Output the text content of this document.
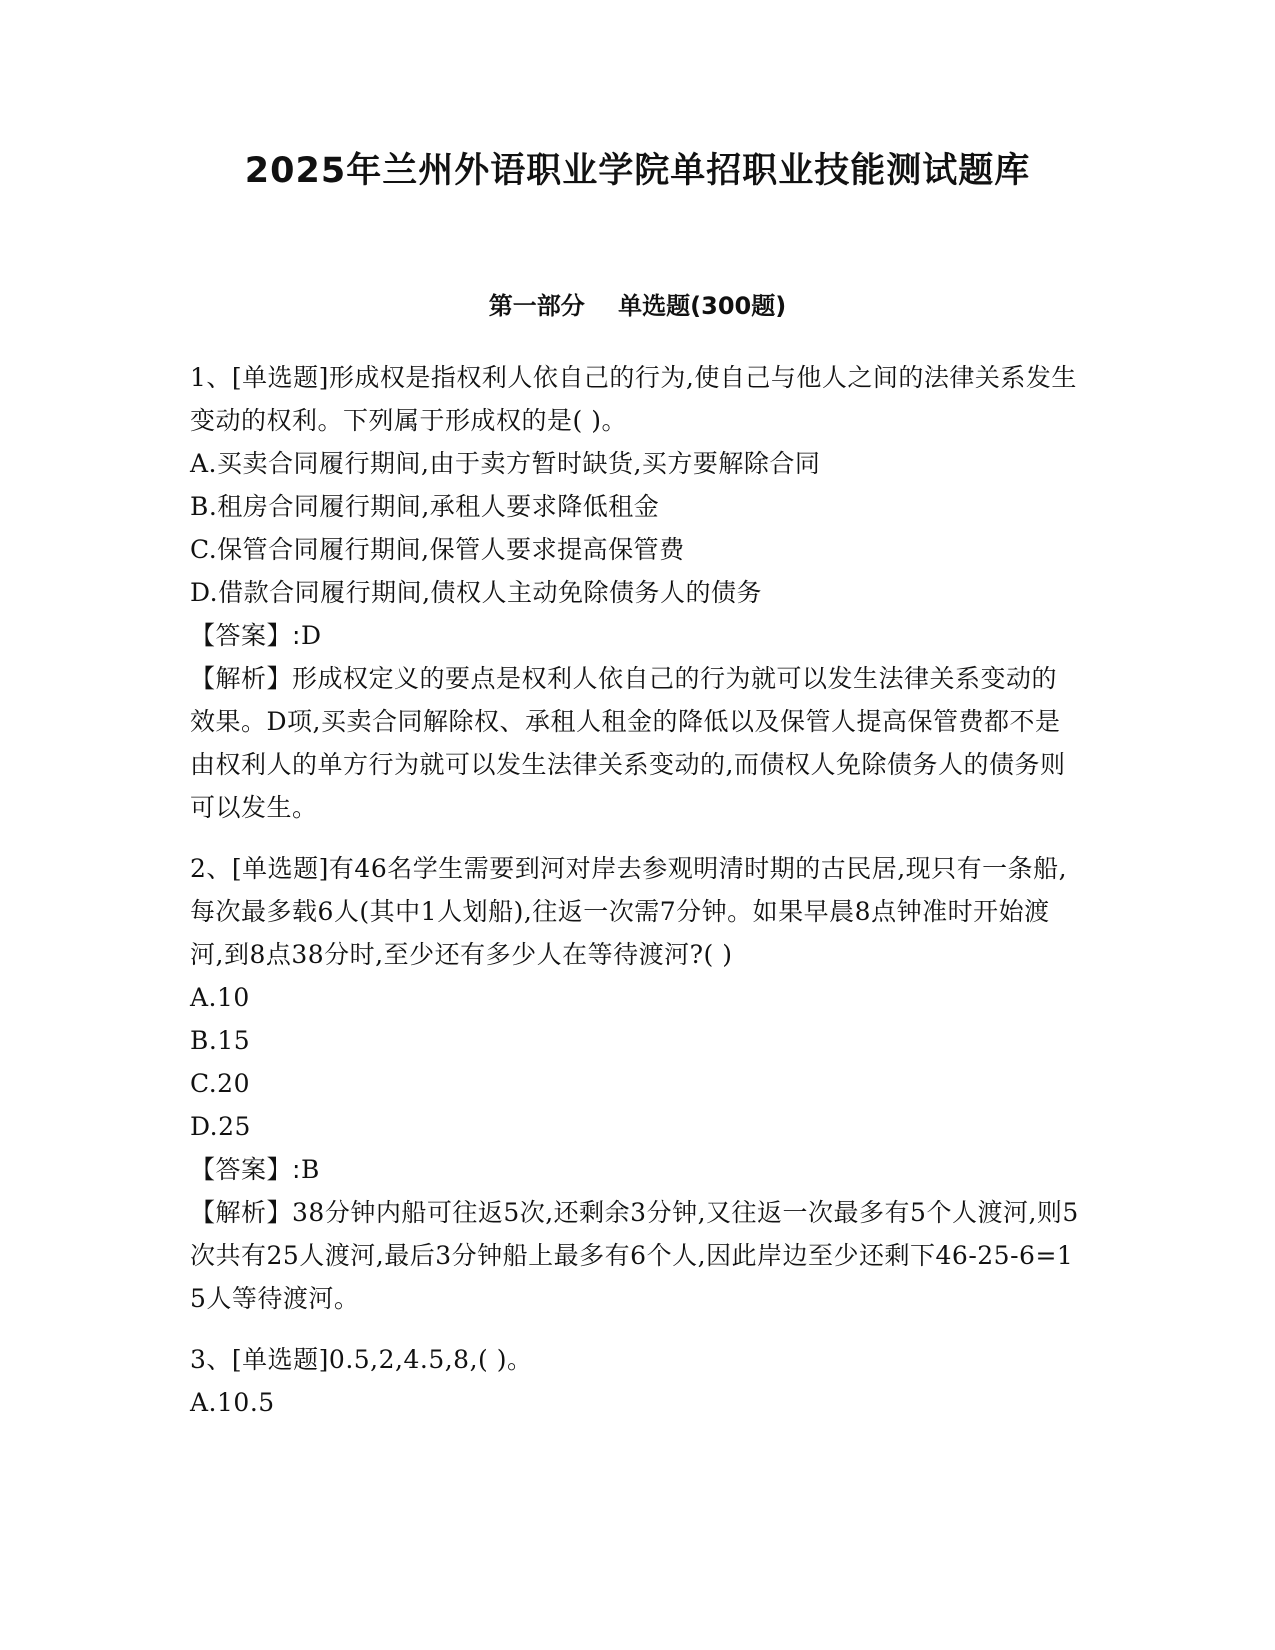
2025年兰州外语职业学院单招职业技能测试题库
第一部分    单选题(300题)

1、[单选题]形成权是指权利人依自己的行为,使自己与他人之间的法律关系发生变动的权利。下列属于形成权的是( )。

A.买卖合同履行期间,由于卖方暂时缺货,买方要解除合同

B.租房合同履行期间,承租人要求降低租金

C.保管合同履行期间,保管人要求提高保管费

D.借款合同履行期间,债权人主动免除债务人的债务

【答案】:D

【解析】形成权定义的要点是权利人依自己的行为就可以发生法律关系变动的效果。D项,买卖合同解除权、承租人租金的降低以及保管人提高保管费都不是由权利人的单方行为就可以发生法律关系变动的,而债权人免除债务人的债务则可以发生。

2、[单选题]有46名学生需要到河对岸去参观明清时期的古民居,现只有一条船,每次最多载6人(其中1人划船),往返一次需7分钟。如果早晨8点钟准时开始渡河,到8点38分时,至少还有多少人在等待渡河?( )

A.10

B.15

C.20

D.25

【答案】:B

【解析】38分钟内船可往返5次,还剩余3分钟,又往返一次最多有5个人渡河,则5次共有25人渡河,最后3分钟船上最多有6个人,因此岸边至少还剩下46-25-6=15人等待渡河。

3、[单选题]0.5,2,4.5,8,( )。

A.10.5
